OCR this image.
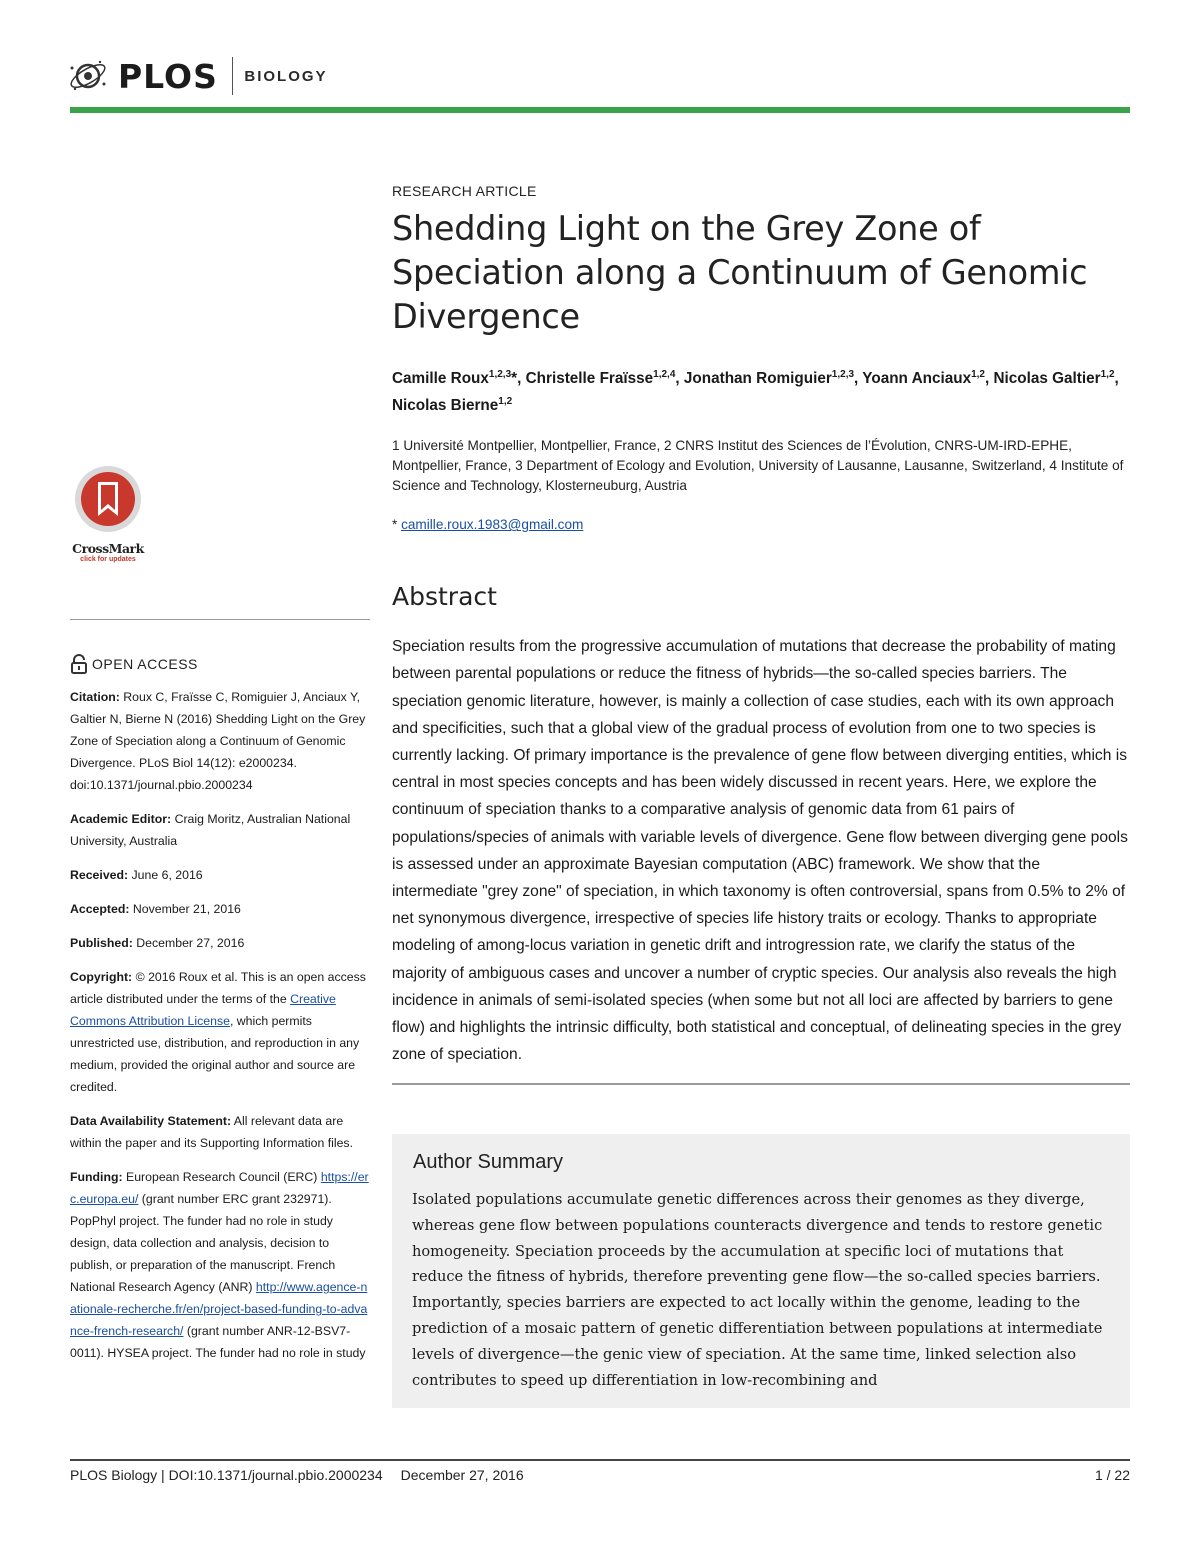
PLOS BIOLOGY
CrossMark
click for updates
OPEN ACCESS

Citation: Roux C, Fraïsse C, Romiguier J, Anciaux Y, Galtier N, Bierne N (2016) Shedding Light on the Grey Zone of Speciation along a Continuum of Genomic Divergence. PLoS Biol 14(12): e2000234. doi:10.1371/journal.pbio.2000234

Academic Editor: Craig Moritz, Australian National University, Australia

Received: June 6, 2016

Accepted: November 21, 2016

Published: December 27, 2016

Copyright: © 2016 Roux et al. This is an open access article distributed under the terms of the Creative Commons Attribution License, which permits unrestricted use, distribution, and reproduction in any medium, provided the original author and source are credited.

Data Availability Statement: All relevant data are within the paper and its Supporting Information files.

Funding: European Research Council (ERC) https://erc.europa.eu/ (grant number ERC grant 232971). PopPhyl project. The funder had no role in study design, data collection and analysis, decision to publish, or preparation of the manuscript. French National Research Agency (ANR) http://www.agence-nationale-recherche.fr/en/project-based-funding-to-advance-french-research/ (grant number ANR-12-BSV7- 0011). HYSEA project. The funder had no role in study

RESEARCH ARTICLE
Shedding Light on the Grey Zone of Speciation along a Continuum of Genomic Divergence
Camille Roux$^{1,2,3}$*, Christelle Fraïsse$^{1,2,4}$, Jonathan Romiguier$^{1,2,3}$, Yoann Anciaux$^{1,2}$, Nicolas Galtier$^{1,2}$, Nicolas Bierne$^{1,2}$
1 Université Montpellier, Montpellier, France, 2 CNRS Institut des Sciences de l’Évolution, CNRS-UM-IRD-EPHE, Montpellier, France, 3 Department of Ecology and Evolution, University of Lausanne, Lausanne, Switzerland, 4 Institute of Science and Technology, Klosterneuburg, Austria
* camille.roux.1983@gmail.com
Abstract
Speciation results from the progressive accumulation of mutations that decrease the probability of mating between parental populations or reduce the fitness of hybrids—the so-called species barriers. The speciation genomic literature, however, is mainly a collection of case studies, each with its own approach and specificities, such that a global view of the gradual process of evolution from one to two species is currently lacking. Of primary importance is the prevalence of gene flow between diverging entities, which is central in most species concepts and has been widely discussed in recent years. Here, we explore the continuum of speciation thanks to a comparative analysis of genomic data from 61 pairs of populations/species of animals with variable levels of divergence. Gene flow between diverging gene pools is assessed under an approximate Bayesian computation (ABC) framework. We show that the intermediate "grey zone" of speciation, in which taxonomy is often controversial, spans from 0.5% to 2% of net synonymous divergence, irrespective of species life history traits or ecology. Thanks to appropriate modeling of among-locus variation in genetic drift and introgression rate, we clarify the status of the majority of ambiguous cases and uncover a number of cryptic species. Our analysis also reveals the high incidence in animals of semi-isolated species (when some but not all loci are affected by barriers to gene flow) and highlights the intrinsic difficulty, both statistical and conceptual, of delineating species in the grey zone of speciation.
Author Summary
Isolated populations accumulate genetic differences across their genomes as they diverge, whereas gene flow between populations counteracts divergence and tends to restore genetic homogeneity. Speciation proceeds by the accumulation at specific loci of mutations that reduce the fitness of hybrids, therefore preventing gene flow—the so-called species barriers. Importantly, species barriers are expected to act locally within the genome, leading to the prediction of a mosaic pattern of genetic differentiation between populations at intermediate levels of divergence—the genic view of speciation. At the same time, linked selection also contributes to speed up differentiation in low-recombining and
PLOS Biology | DOI:10.1371/journal.pbio.2000234 December 27, 2016	1 / 22
